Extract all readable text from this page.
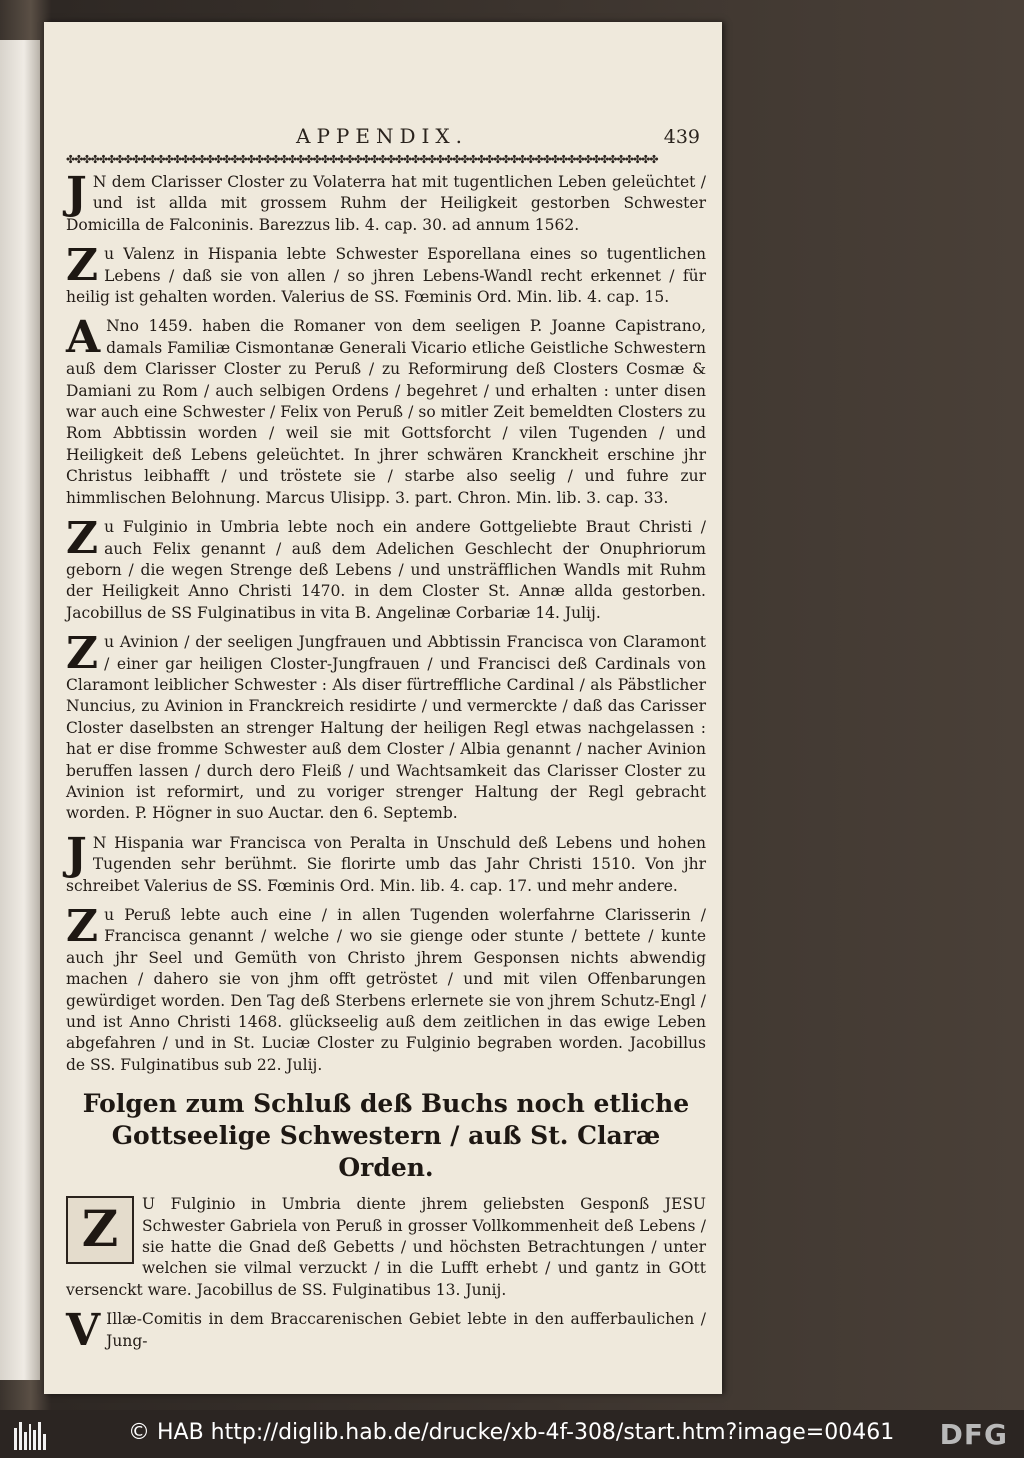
APPENDIX.	439
✤✤✤✤✤✤✤✤✤✤✤✤✤✤✤✤✤✤✤✤✤✤✤✤✤✤✤✤✤✤✤✤✤✤✤✤✤✤✤✤✤✤✤✤✤✤✤✤✤✤✤✤✤✤✤✤✤✤✤✤✤✤✤✤✤✤✤✤✤✤✤✤

J N dem Clarisser Closter zu Volaterra hat mit tugentlichen Leben geleüchtet / und ist allda mit grossem Ruhm der Heiligkeit gestorben Schwester Domicilla de Falconinis. Barezzus lib. 4. cap. 30. ad annum 1562.

Z u Valenz in Hispania lebte Schwester Esporellana eines so tugentlichen Lebens / daß sie von allen / so jhren Lebens-Wandl recht erkennet / für heilig ist gehalten worden. Valerius de SS. Fœminis Ord. Min. lib. 4. cap. 15.

A Nno 1459. haben die Romaner von dem seeligen P. Joanne Capistrano, damals Familiæ Cismontanæ Generali Vicario etliche Geistliche Schwestern auß dem Clarisser Closter zu Peruß / zu Reformirung deß Closters Cosmæ & Damiani zu Rom / auch selbigen Ordens / begehret / und erhalten : unter disen war auch eine Schwester / Felix von Peruß / so mitler Zeit bemeldten Closters zu Rom Abbtissin worden / weil sie mit Gottsforcht / vilen Tugenden / und Heiligkeit deß Lebens geleüchtet. In jhrer schwären Kranckheit erschine jhr Christus leibhafft / und tröstete sie / starbe also seelig / und fuhre zur himmlischen Belohnung. Marcus Ulisipp. 3. part. Chron. Min. lib. 3. cap. 33.

Z u Fulginio in Umbria lebte noch ein andere Gottgeliebte Braut Christi / auch Felix genannt / auß dem Adelichen Geschlecht der Onuphriorum geborn / die wegen Strenge deß Lebens / und unsträfflichen Wandls mit Ruhm der Heiligkeit Anno Christi 1470. in dem Closter St. Annæ allda gestorben. Jacobillus de SS Fulginatibus in vita B. Angelinæ Corbariæ 14. Julij.

Z u Avinion / der seeligen Jungfrauen und Abbtissin Francisca von Claramont / einer gar heiligen Closter-Jungfrauen / und Francisci deß Cardinals von Claramont leiblicher Schwester : Als diser fürtreffliche Cardinal / als Päbstlicher Nuncius, zu Avinion in Franckreich residirte / und vermerckte / daß das Carisser Closter daselbsten an strenger Haltung der heiligen Regl etwas nachgelassen : hat er dise fromme Schwester auß dem Closter / Albia genannt / nacher Avinion beruffen lassen / durch dero Fleiß / und Wachtsamkeit das Clarisser Closter zu Avinion ist reformirt, und zu voriger strenger Haltung der Regl gebracht worden. P. Högner in suo Auctar. den 6. Septemb.

J N Hispania war Francisca von Peralta in Unschuld deß Lebens und hohen Tugenden sehr berühmt. Sie florirte umb das Jahr Christi 1510. Von jhr schreibet Valerius de SS. Fœminis Ord. Min. lib. 4. cap. 17. und mehr andere.

Z u Peruß lebte auch eine / in allen Tugenden wolerfahrne Clarisserin / Francisca genannt / welche / wo sie gienge oder stunte / bettete / kunte auch jhr Seel und Gemüth von Christo jhrem Gesponsen nichts abwendig machen / dahero sie von jhm offt getröstet / und mit vilen Offenbarungen gewürdiget worden. Den Tag deß Sterbens erlernete sie von jhrem Schutz-Engl / und ist Anno Christi 1468. glückseelig auß dem zeitlichen in das ewige Leben abgefahren / und in St. Luciæ Closter zu Fulginio begraben worden. Jacobillus de SS. Fulginatibus sub 22. Julij.

Folgen zum Schluß deß Buchs noch etliche Gottseelige Schwestern / auß St. Claræ Orden.

Z	U Fulginio in Umbria diente jhrem geliebsten Gesponß JESU Schwester Gabriela von Peruß in grosser Vollkommenheit deß Lebens / sie hatte die Gnad deß Gebetts / und höchsten Betrachtungen / unter welchen sie vilmal verzuckt / in die Lufft erhebt / und gantz in GOtt versenckt ware. Jacobillus de SS. Fulginatibus 13. Junij.

V Illæ-Comitis in dem Braccarenischen Gebiet lebte in den aufferbaulichen / Jung-

© HAB http://diglib.hab.de/drucke/xb-4f-308/start.htm?image=00461 DFG
